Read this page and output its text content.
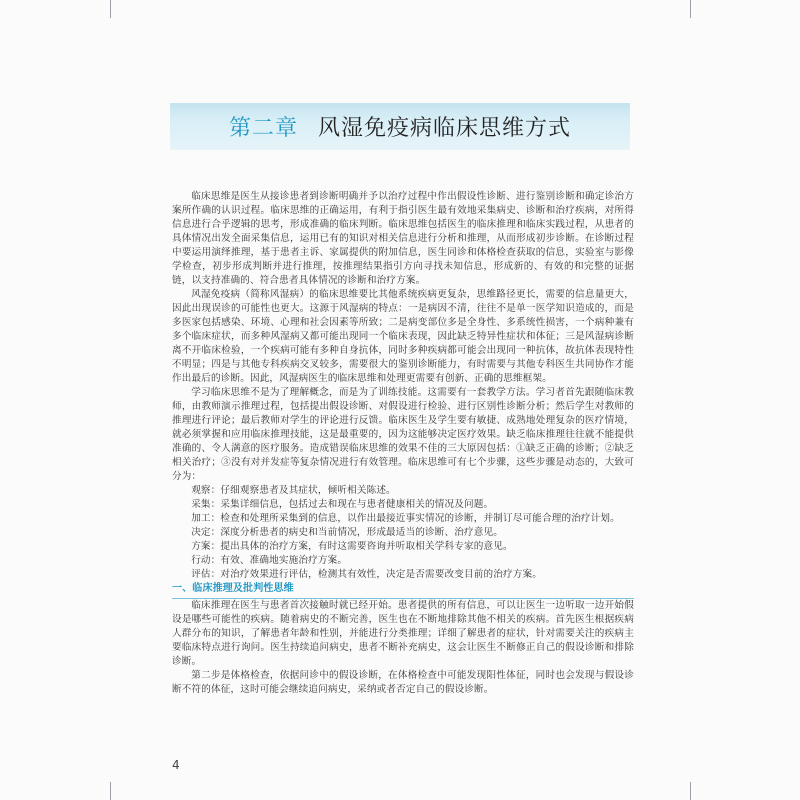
第二章 风湿免疫病临床思维方式

临床思维是医生从接诊患者到诊断明确并予以治疗过程中作出假设性诊断、进行鉴别诊断和确定诊治方案所作确的认识过程。临床思维的正确运用，有利于指引医生最有效地采集病史、诊断和治疗疾病，对所得信息进行合乎逻辑的思考，形成准确的临床判断。临床思维包括医生的临床推理和临床实践过程，从患者的具体情况出发全面采集信息，运用已有的知识对相关信息进行分析和推理，从而形成初步诊断。在诊断过程中要运用演绎推理，基于患者主诉、家属提供的附加信息，医生同诊和体格检查获取的信息，实验室与影像学检查，初步形成判断并进行推理，按推理结果指引方向寻找未知信息，形成新的、有效的和完整的证据链，以支持准确的、符合患者具体情况的诊断和治疗方案。

风湿免疫病（简称风湿病）的临床思维要比其他系统疾病更复杂，思维路径更长，需要的信息量更大，因此出现误诊的可能性也更大。这源于风湿病的特点：一是病因不清，往往不是单一医学知识造成的，而是多医家包括感染、环境、心理和社会因素等所致；二是病变部位多是全身性、多系统性损害，一个病种兼有多个临床症状，而多种风湿病又都可能出现同一个临床表现，因此缺乏特异性症状和体征；三是风湿病诊断离不开临床检验，一个疾病可能有多种自身抗体，同时多种疾病都可能会出现同一种抗体，故抗体表现特性不明显；四是与其他专科疾病交叉较多，需要很大的鉴别诊断能力，有时需要与其他专科医生共同协作才能作出最后的诊断。因此，风湿病医生的临床思维和处理更需要有创新、正确的思维框架。

学习临床思维不是为了理解概念，而是为了训练技能。这需要有一套教学方法。学习者首先跟随临床教师，由教师演示推理过程，包括提出假设诊断、对假设进行检验、进行区别性诊断分析；然后学生对教师的推理进行评论；最后教师对学生的评论进行反馈。临床医生及学生要有敏捷、成熟地处理复杂的医疗情境，就必须掌握和应用临床推理技能，这是最重要的，因为这能够决定医疗效果。缺乏临床推理往往就不能提供准确的、令人满意的医疗服务。造成错误临床思维的效果不佳的三大原因包括：①缺乏正确的诊断；②缺乏相关治疗；③没有对并发症等复杂情况进行有效管理。临床思维可有七个步骤，这些步骤是动态的，大致可分为：

观察：仔细观察患者及其症状，倾听相关陈述。
采集：采集详细信息，包括过去和现在与患者健康相关的情况及问题。
加工：检查和处理所采集到的信息，以作出最接近事实情况的诊断，并制订尽可能合理的治疗计划。
决定：深度分析患者的病史和当前情况，形成最适当的诊断、治疗意见。
方案：提出具体的治疗方案，有时这需要咨询并听取相关学科专家的意见。
行动：有效、准确地实施治疗方案。
评估：对治疗效果进行评估，检测其有效性，决定是否需要改变目前的治疗方案。

一、临床推理及批判性思维

临床推理在医生与患者首次接触时就已经开始。患者提供的所有信息，可以让医生一边听取一边开始假设是哪些可能性的疾病。随着病史的不断完善，医生也在不断地排除其他不相关的疾病。首先医生根据疾病人群分布的知识，了解患者年龄和性别，并能进行分类推理；详细了解患者的症状，针对需要关注的疾病主要临床特点进行询问。医生持续追问病史，患者不断补充病史，这会让医生不断修正自己的假设诊断和排除诊断。

第二步是体格检查，依据问诊中的假设诊断，在体格检查中可能发现阳性体征，同时也会发现与假设诊断不符的体征，这时可能会继续追问病史，采纳或者否定自己的假设诊断。

4
